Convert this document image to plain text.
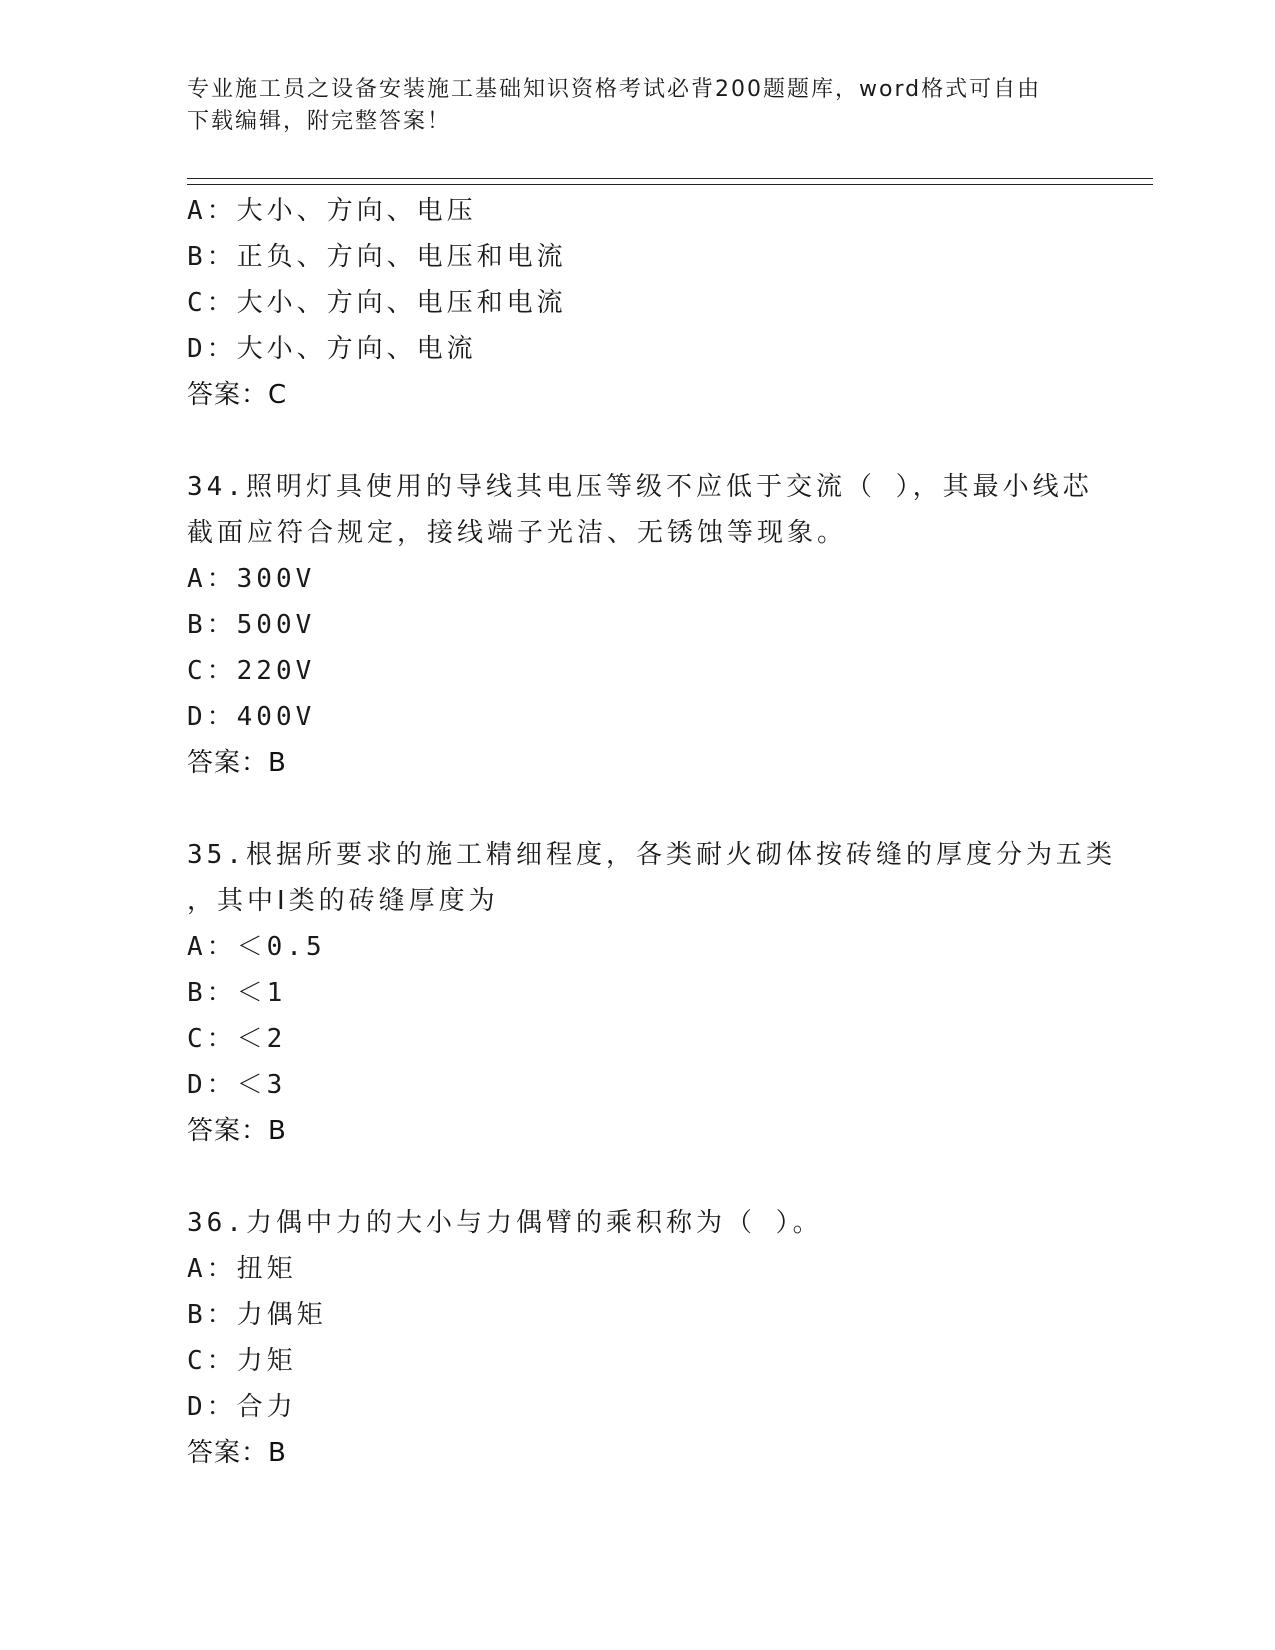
专业施工员之设备安装施工基础知识资格考试必背200题题库，word格式可自由
下载编辑，附完整答案！
A：大小、方向、电压
B：正负、方向、电压和电流
C：大小、方向、电压和电流
D：大小、方向、电流
答案：C
34.照明灯具使用的导线其电压等级不应低于交流（ ），其最小线芯
截面应符合规定，接线端子光洁、无锈蚀等现象。
A：300V
B：500V
C：220V
D：400V
答案：B
35.根据所要求的施工精细程度，各类耐火砌体按砖缝的厚度分为五类
，其中Ⅰ类的砖缝厚度为
A：＜0.5
B：＜1
C：＜2
D：＜3
答案：B
36.力偶中力的大小与力偶臂的乘积称为（ ）。
A：扭矩
B：力偶矩
C：力矩
D：合力
答案：B
